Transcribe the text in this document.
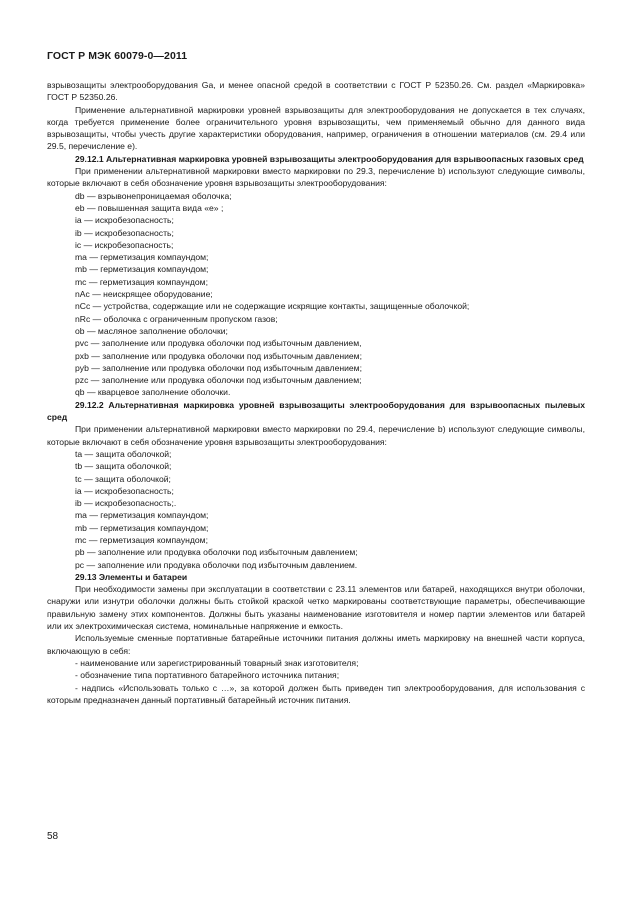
ГОСТ Р МЭК 60079-0—2011

взрывозащиты электрооборудования Ga, и менее опасной средой в соответствии с ГОСТ Р 52350.26. См. раздел «Маркировка» ГОСТ Р 52350.26.

Применение альтернативной маркировки уровней взрывозащиты для электрооборудования не допускается в тех случаях, когда требуется применение более ограничительного уровня взрывозащиты, чем применяемый обычно для данного вида взрывозащиты, чтобы учесть другие характеристики оборудования, например, ограничения в отношении материалов (см. 29.4 или 29.5, перечисление e).

29.12.1 Альтернативная маркировка уровней взрывозащиты электрооборудования для взрывоопасных газовых сред

При применении альтернативной маркировки вместо маркировки по 29.3, перечисление b) используют следующие символы, которые включают в себя обозначение уровня взрывозащиты электрооборудования:

db — взрывонепроницаемая оболочка;
eb — повышенная защита вида «e» ;
ia — искробезопасность;
ib — искробезопасность;
ic — искробезопасность;
ma — герметизация компаундом;
mb — герметизация компаундом;
mc — герметизация компаундом;
nAc — неискрящее оборудование;
nCc — устройства, содержащие или не содержащие искрящие контакты, защищенные оболочкой;
nRc — оболочка с ограниченным пропуском газов;
ob — масляное заполнение оболочки;
pvc — заполнение или продувка оболочки под избыточным давлением,
pxb — заполнение или продувка оболочки под избыточным давлением;
pyb — заполнение или продувка оболочки под избыточным давлением;
pzc — заполнение или продувка оболочки под избыточным давлением;
qb — кварцевое заполнение оболочки.

29.12.2 Альтернативная маркировка уровней взрывозащиты электрооборудования для взрывоопасных пылевых сред

При применении альтернативной маркировки вместо маркировки по 29.4, перечисление b) используют следующие символы, которые включают в себя обозначение уровня взрывозащиты электрооборудования:

ta — защита оболочкой;
tb — защита оболочкой;
tc — защита оболочкой;
ia — искробезопасность;
ib — искробезопасность;.
ma — герметизация компаундом;
mb — герметизация компаундом;
mc — герметизация компаундом;
pb — заполнение или продувка оболочки под избыточным давлением;
pc — заполнение или продувка оболочки под избыточным давлением.

29.13 Элементы и батареи

При необходимости замены при эксплуатации в соответствии с 23.11 элементов или батарей, находящихся внутри оболочки, снаружи или изнутри оболочки должны быть стойкой краской четко маркированы соответствующие параметры, обеспечивающие правильную замену этих компонентов. Должны быть указаны наименование изготовителя и номер партии элементов или батарей или их электрохимическая система, номинальные напряжение и емкость.

Используемые сменные портативные батарейные источники питания должны иметь маркировку на внешней части корпуса, включающую в себя:

- наименование или зарегистрированный товарный знак изготовителя;
- обозначение типа портативного батарейного источника питания;

- надпись «Использовать только с …», за которой должен быть приведен тип электрооборудования, для использования с которым предназначен данный портативный батарейный источник питания.

58
